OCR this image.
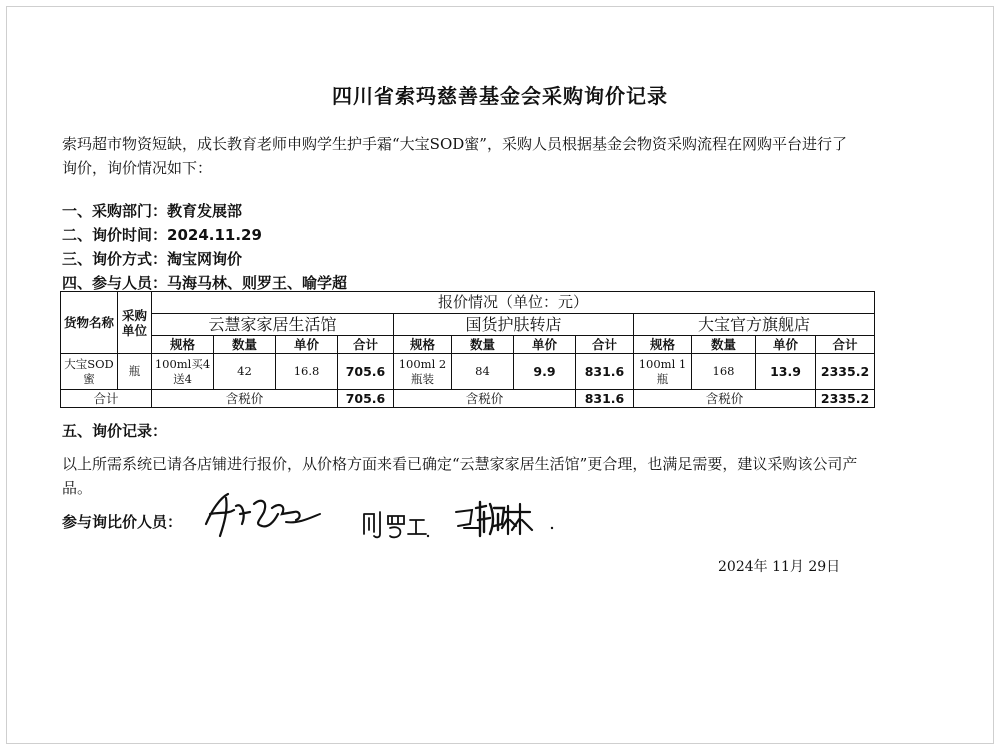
四川省索玛慈善基金会采购询价记录
索玛超市物资短缺，成长教育老师申购学生护手霜“大宝SOD蜜”，采购人员根据基金会物资采购流程在网购平台进行了询价，询价情况如下：
一、采购部门：教育发展部
二、询价时间：2024.11.29
三、询价方式：淘宝网询价
四、参与人员：马海马林、则罗王、喻学超
货物名称	采购单位	报价情况（单位：元）											
		云慧家家居生活馆				国货护肤转店				大宝官方旗舰店			
		规格	数量	单价	合计	规格	数量	单价	合计	规格	数量	单价	合计
大宝SOD蜜	瓶	100ml买4送4	42	16.8	705.6	100ml 2瓶装	84	9.9	831.6	100ml 1瓶	168	13.9	2335.2
合计		含税价			705.6	含税价			831.6	含税价			2335.2
五、询价记录：
以上所需系统已请各店铺进行报价，从价格方面来看已确定“云慧家家居生活馆”更合理，也满足需要，建议采购该公司产品。
参与询比价人员：
2024年 11月 29日
